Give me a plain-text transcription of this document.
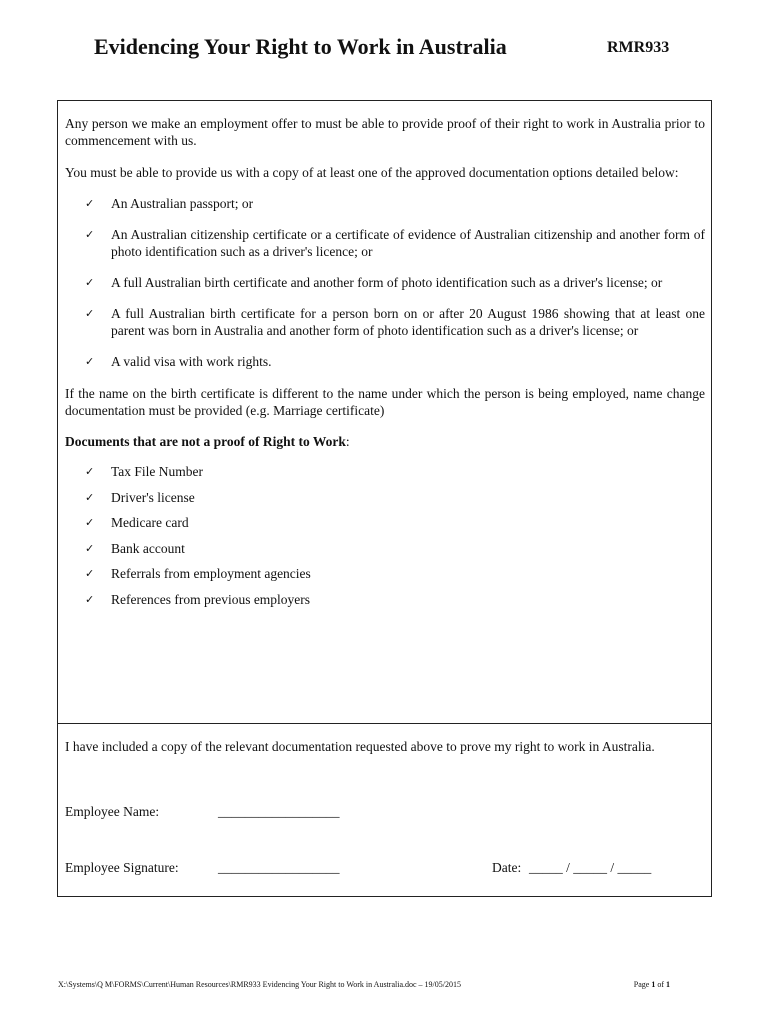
Evidencing Your Right to Work in Australia	RMR933

Any person we make an employment offer to must be able to provide proof of their right to work in Australia prior to commencement with us.

You must be able to provide us with a copy of at least one of the approved documentation options detailed below:

✓ An Australian passport; or
✓ An Australian citizenship certificate or a certificate of evidence of Australian citizenship and another form of photo identification such as a driver's licence; or
✓ A full Australian birth certificate and another form of photo identification such as a driver's license; or
✓ A full Australian birth certificate for a person born on or after 20 August 1986 showing that at least one parent was born in Australia and another form of photo identification such as a driver's license; or
✓ A valid visa with work rights.

If the name on the birth certificate is different to the name under which the person is being employed, name change documentation must be provided (e.g. Marriage certificate)

Documents that are not a proof of Right to Work:

✓ Tax File Number
✓ Driver's license
✓ Medicare card
✓ Bank account
✓ Referrals from employment agencies
✓ References from previous employers

I have included a copy of the relevant documentation requested above to prove my right to work in Australia.

Employee Name:	__________________
Employee Signature:	__________________	Date: _____ / _____ / _____
X:\Systems\Q M\FORMS\Current\Human Resources\RMR933 Evidencing Your Right to Work in Australia.doc – 19/05/2015	Page 1 of 1
